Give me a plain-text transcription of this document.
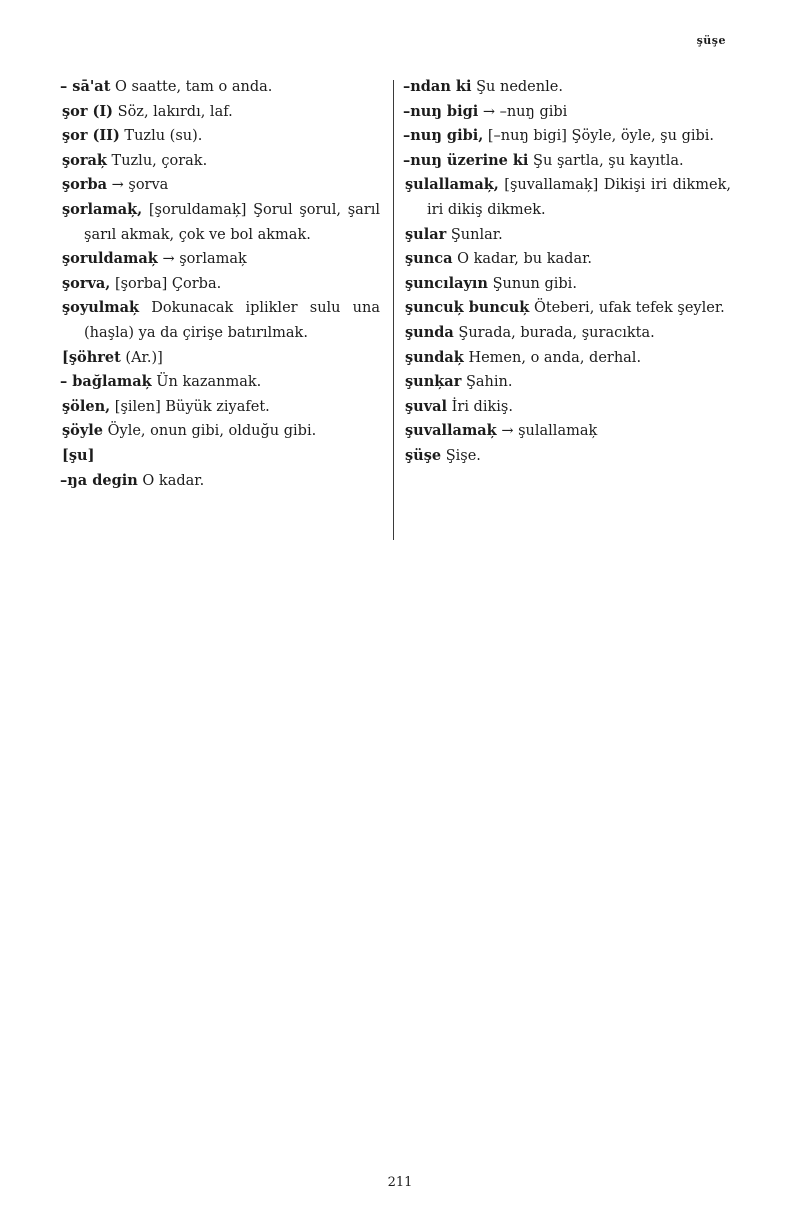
şüşe
– sā'at O saatte, tam o anda.
şor (I) Söz, lakırdı, laf.
şor (II) Tuzlu (su).
şoraķ Tuzlu, çorak.
şorba → şorva
şorlamaķ, [şoruldamaķ] Şorul şorul, şarıl şarıl akmak, çok ve bol akmak.
şoruldamaķ → şorlamaķ
şorva, [şorba] Çorba.
şoyulmaķ Dokunacak iplikler sulu una (haşla) ya da çirişe batırılmak.
[şöhret (Ar.)]
– bağlamaķ Ün kazanmak.
şölen, [şilen] Büyük ziyafet.
şöyle Öyle, onun gibi, olduğu gibi.
[şu]
–ŋa degin O kadar.
–ndan ki Şu nedenle.
–nuŋ bigi → –nuŋ gibi
–nuŋ gibi, [–nuŋ bigi] Şöyle, öyle, şu gibi.
–nuŋ üzerine ki Şu şartla, şu kayıtla.
şulallamaķ, [şuvallamaķ] Dikişi iri dikmek, iri dikiş dikmek.
şular Şunlar.
şunca O kadar, bu kadar.
şuncılayın Şunun gibi.
şuncuķ buncuķ Öteberi, ufak tefek şeyler.
şunda Şurada, burada, şuracıkta.
şundaķ Hemen, o anda, derhal.
şunķar Şahin.
şuval İri dikiş.
şuvallamaķ → şulallamaķ
şüşe Şişe.
211
